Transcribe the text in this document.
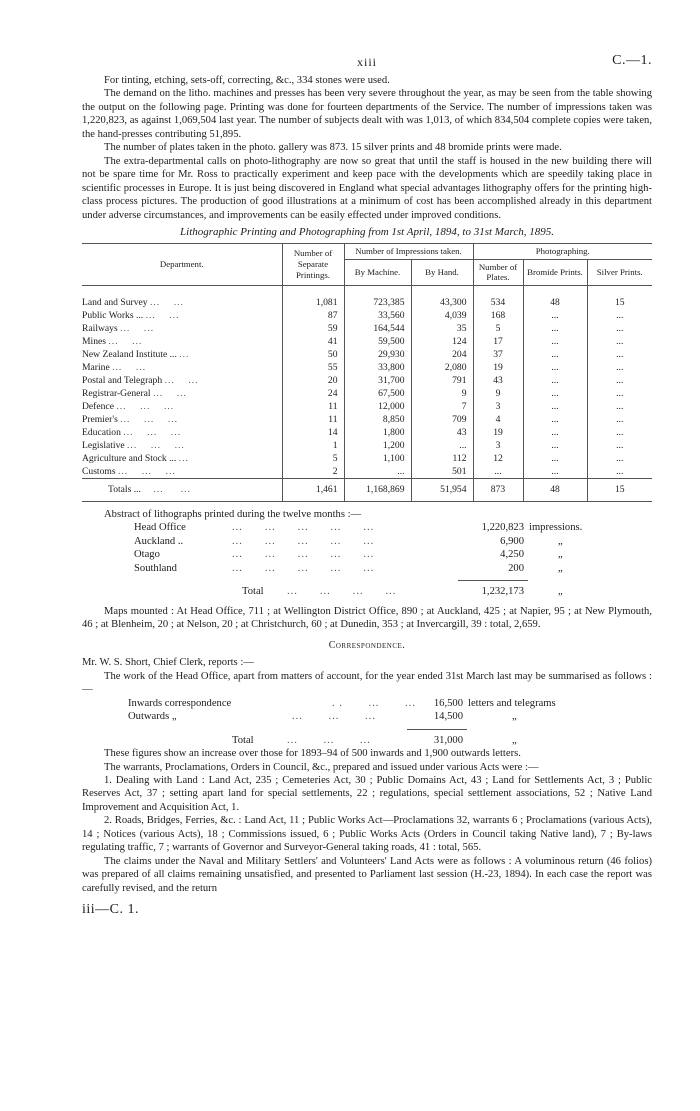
xiii	C.—1.

For tinting, etching, sets-off, correcting, &c., 334 stones were used.

The demand on the litho. machines and presses has been very severe throughout the year, as may be seen from the table showing the output on the following page. Printing was done for fourteen departments of the Service. The number of impressions taken was 1,220,823, as against 1,069,504 last year. The number of subjects dealt with was 1,013, of which 834,504 complete copies were taken, the hand-presses contributing 51,895.

The number of plates taken in the photo. gallery was 873. 15 silver prints and 48 bromide prints were made.

The extra-departmental calls on photo-lithography are now so great that until the staff is housed in the new building there will not be spare time for Mr. Ross to practically experiment and keep pace with the developments which are speedily taking place in scientific processes in Europe. It is just being discovered in England what special advantages lithography offers for the printing high-class process pictures. The production of good illustrations at a minimum of cost has been accomplished already in this department under adverse circumstances, and improvements can be easily effected under improved conditions.

Lithographic Printing and Photographing from 1st April, 1894, to 31st March, 1895.
Department.	Number of Separate Printings.	Number of Impressions taken.		Photographing.		
		By Machine.	By Hand.	Number of Plates.	Bromide Prints.	Silver Prints.

Land and Survey ...    ...	1,081	723,385	43,300	534	48	15
Public Works ... ...    ...	87	33,560	4,039	168	...	...
Railways ...    ...	59	164,544	35	5	...	...
Mines ...    ...	41	59,500	124	17	...	...
New Zealand Institute ... ...	50	29,930	204	37	...	...
Marine ...    ...	55	33,800	2,080	19	...	...
Postal and Telegraph ...    ...	20	31,700	791	43	...	...
Registrar-General ...    ...	24	67,500	9	9	...	...
Defence ...    ...    ...	11	12,000	7	3	...	...
Premier's ...    ...    ...	11	8,850	709	4	...	...
Education ...    ...    ...	14	1,800	43	19	...	...
Legislative ...    ...    ...	1	1,200	...	3	...	...
Agriculture and Stock ... ...	5	1,100	112	12	...	...
Customs ...    ...    ...	2	...	501	...	...	...
Totals ...    ...     ...	1,461	1,168,869	51,954	873	48	15
Abstract of lithographs printed during the twelve months :—
Head Office	...      ...      ...      ...      ...	1,220,823 impressions.
Auckland ..	...      ...      ...      ...      ...	6,900	„
Otago	...      ...      ...      ...      ...	4,250	„
Southland	...      ...      ...      ...      ...	200	„
Total ...      ...      ...      ...	1,232,173	„

Maps mounted : At Head Office, 711 ; at Wellington District Office, 890 ; at Auckland, 425 ; at Napier, 95 ; at New Plymouth, 46 ; at Blenheim, 20 ; at Nelson, 20 ; at Christchurch, 60 ; at Dunedin, 353 ; at Invercargill, 39 : total, 2,659.

Correspondence.

Mr. W. S. Short, Chief Clerk, reports :—

The work of the Head Office, apart from matters of account, for the year ended 31st March last may be summarised as follows :—

Inwards correspondence	. .       ...       ...	16,500 letters and telegrams
Outwards „	...       ...       ...	14,500	„
Total	...       ...       ...	31,000	„

These figures show an increase over those for 1893–94 of 500 inwards and 1,900 outwards letters.

The warrants, Proclamations, Orders in Council, &c., prepared and issued under various Acts were :—

1. Dealing with Land : Land Act, 235 ; Cemeteries Act, 30 ; Public Domains Act, 43 ; Land for Settlements Act, 3 ; Public Reserves Act, 37 ; setting apart land for special settlements, 22 ; regulations, special settlement associations, 52 ; Native Land Improvement and Acquisition Act, 1.

2. Roads, Bridges, Ferries, &c. : Land Act, 11 ; Public Works Act—Proclamations 32, warrants 6 ; Proclamations (various Acts), 14 ; Notices (various Acts), 18 ; Commissions issued, 6 ; Public Works Acts (Orders in Council taking Native land), 7 ; By-laws regulating traffic, 7 ; warrants of Governor and Surveyor-General taking roads, 41 : total, 565.

The claims under the Naval and Military Settlers' and Volunteers' Land Acts were as follows : A voluminous return (46 folios) was prepared of all claims remaining unsatisfied, and presented to Parliament last session (H.-23, 1894). In each case the report was carefully revised, and the return

iii—C. 1.
